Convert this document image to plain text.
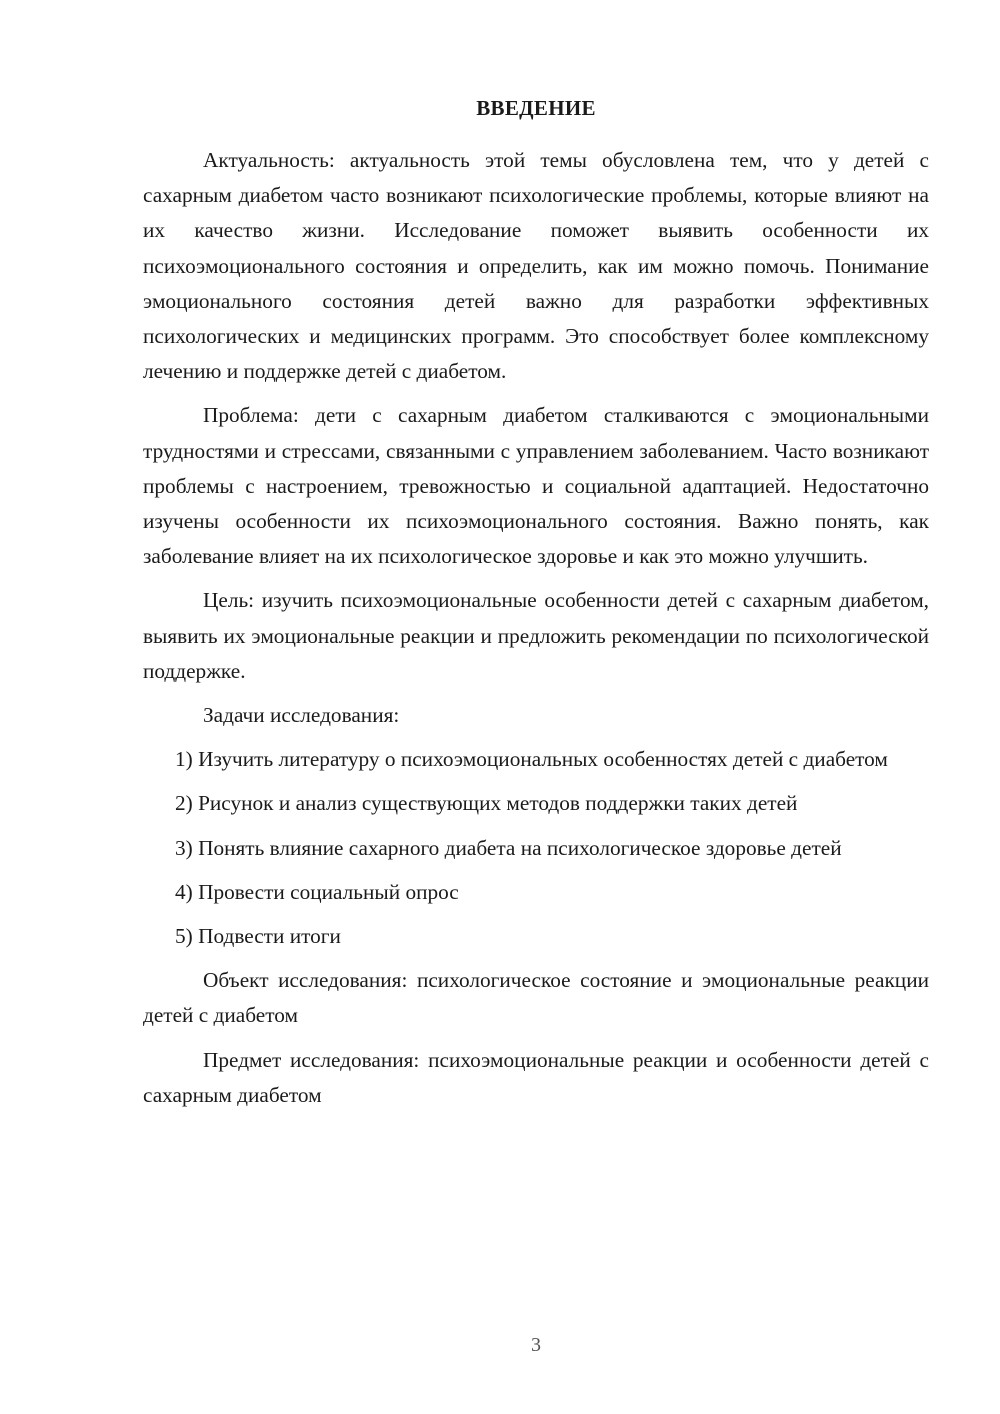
ВВЕДЕНИЕ

Актуальность: актуальность этой темы обусловлена тем, что у детей с сахарным диабетом часто возникают психологические проблемы, которые влияют на их качество жизни. Исследование поможет выявить особенности их психоэмоционального состояния и определить, как им можно помочь. Понимание эмоционального состояния детей важно для разработки эффективных психологических и медицинских программ. Это способствует более комплексному лечению и поддержке детей с диабетом.

Проблема: дети с сахарным диабетом сталкиваются с эмоциональными трудностями и стрессами, связанными с управлением заболеванием. Часто возникают проблемы с настроением, тревожностью и социальной адаптацией. Недостаточно изучены особенности их психоэмоционального состояния. Важно понять, как заболевание влияет на их психологическое здоровье и как это можно улучшить.

Цель: изучить психоэмоциональные особенности детей с сахарным диабетом, выявить их эмоциональные реакции и предложить рекомендации по психологической поддержке.

Задачи исследования:

1) Изучить литературу о психоэмоциональных особенностях детей с диабетом

2) Рисунок и анализ существующих методов поддержки таких детей

3) Понять влияние сахарного диабета на психологическое здоровье детей

4) Провести социальный опрос

5) Подвести итоги

Объект исследования: психологическое состояние и эмоциональные реакции детей с диабетом

Предмет исследования: психоэмоциональные реакции и особенности детей с сахарным диабетом

3
